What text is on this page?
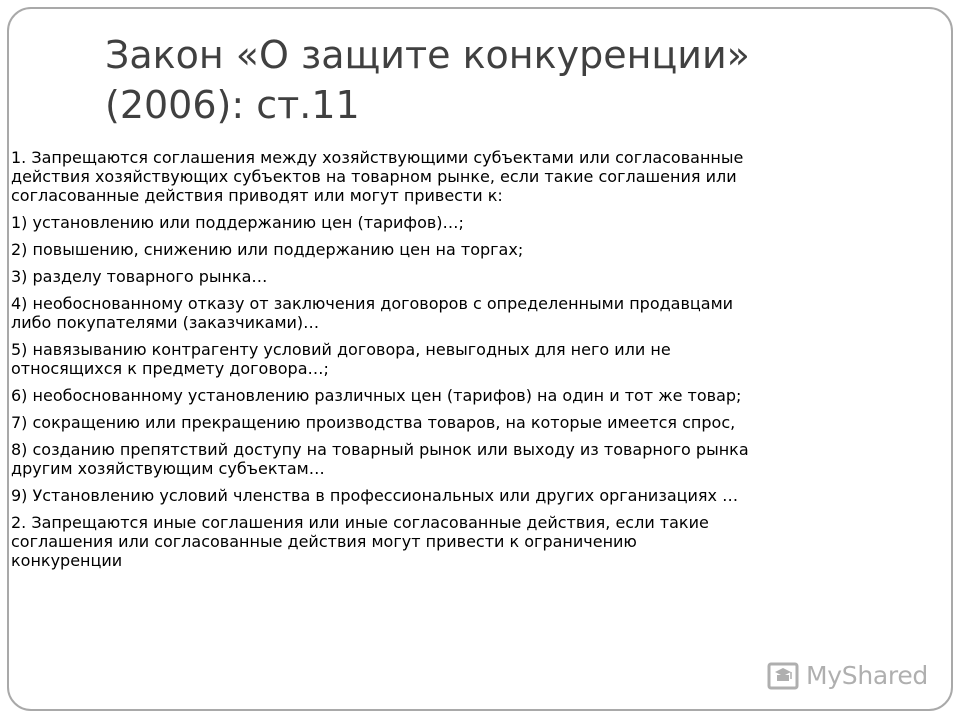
Закон «О защите конкуренции»
(2006): ст.11

1. Запрещаются соглашения между хозяйствующими субъектами или согласованные
действия хозяйствующих субъектов на товарном рынке, если такие соглашения или
согласованные действия приводят или могут привести к:

1) установлению или поддержанию цен (тарифов)…;

2) повышению, снижению или поддержанию цен на торгах;

3) разделу товарного рынка…

4) необоснованному отказу от заключения договоров с определенными продавцами
либо покупателями (заказчиками)…

5) навязыванию контрагенту условий договора, невыгодных для него или не
относящихся к предмету договора…;

6) необоснованному установлению различных цен (тарифов) на один и тот же товар;

7) сокращению или прекращению производства товаров, на которые имеется спрос,

8) созданию препятствий доступу на товарный рынок или выходу из товарного рынка
другим хозяйствующим субъектам…

9) Установлению условий членства в профессиональных или других организациях …

2. Запрещаются иные соглашения или иные согласованные действия, если такие
соглашения или согласованные действия могут привести к ограничению
конкуренции

MyShared
